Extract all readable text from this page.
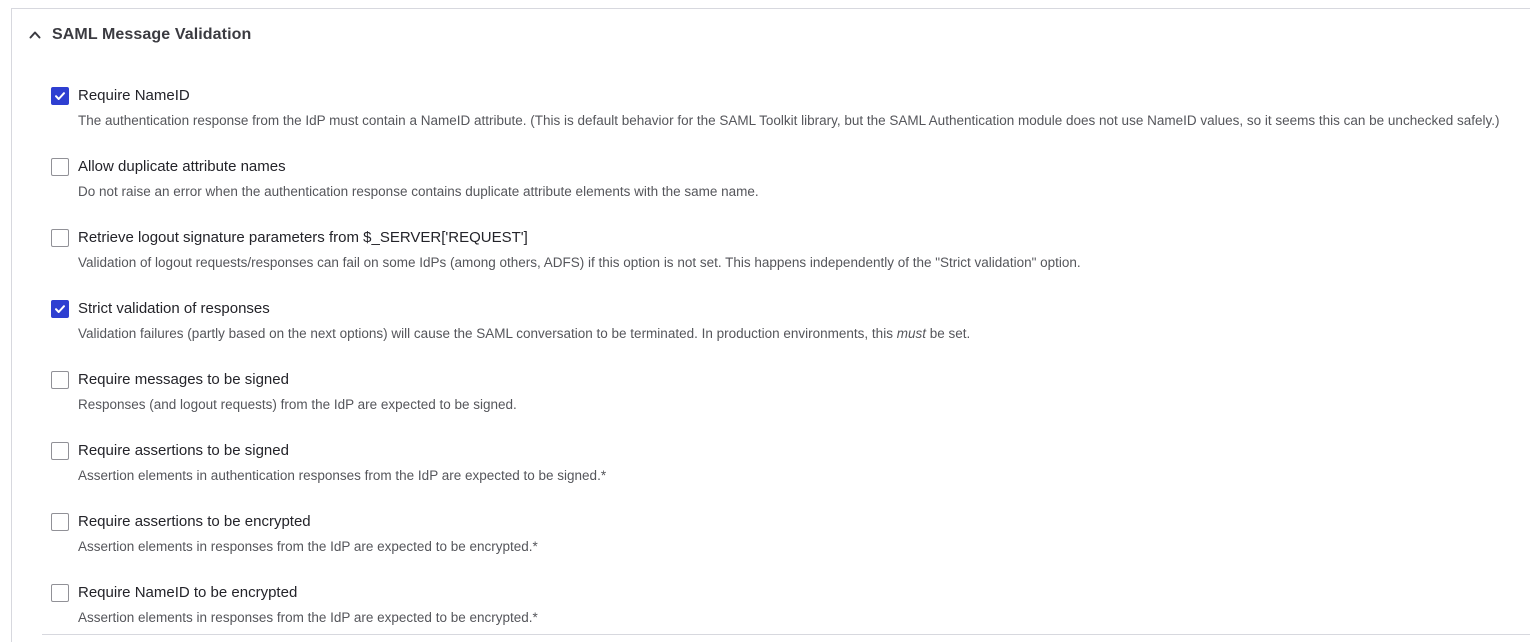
SAML Message Validation
Require NameID
The authentication response from the IdP must contain a NameID attribute. (This is default behavior for the SAML Toolkit library, but the SAML Authentication module does not use NameID values, so it seems this can be unchecked safely.)
Allow duplicate attribute names
Do not raise an error when the authentication response contains duplicate attribute elements with the same name.
Retrieve logout signature parameters from $_SERVER['REQUEST']
Validation of logout requests/responses can fail on some IdPs (among others, ADFS) if this option is not set. This happens independently of the "Strict validation" option.
Strict validation of responses
Validation failures (partly based on the next options) will cause the SAML conversation to be terminated. In production environments, this must be set.
Require messages to be signed
Responses (and logout requests) from the IdP are expected to be signed.
Require assertions to be signed
Assertion elements in authentication responses from the IdP are expected to be signed.*
Require assertions to be encrypted
Assertion elements in responses from the IdP are expected to be encrypted.*
Require NameID to be encrypted
Assertion elements in responses from the IdP are expected to be encrypted.*
